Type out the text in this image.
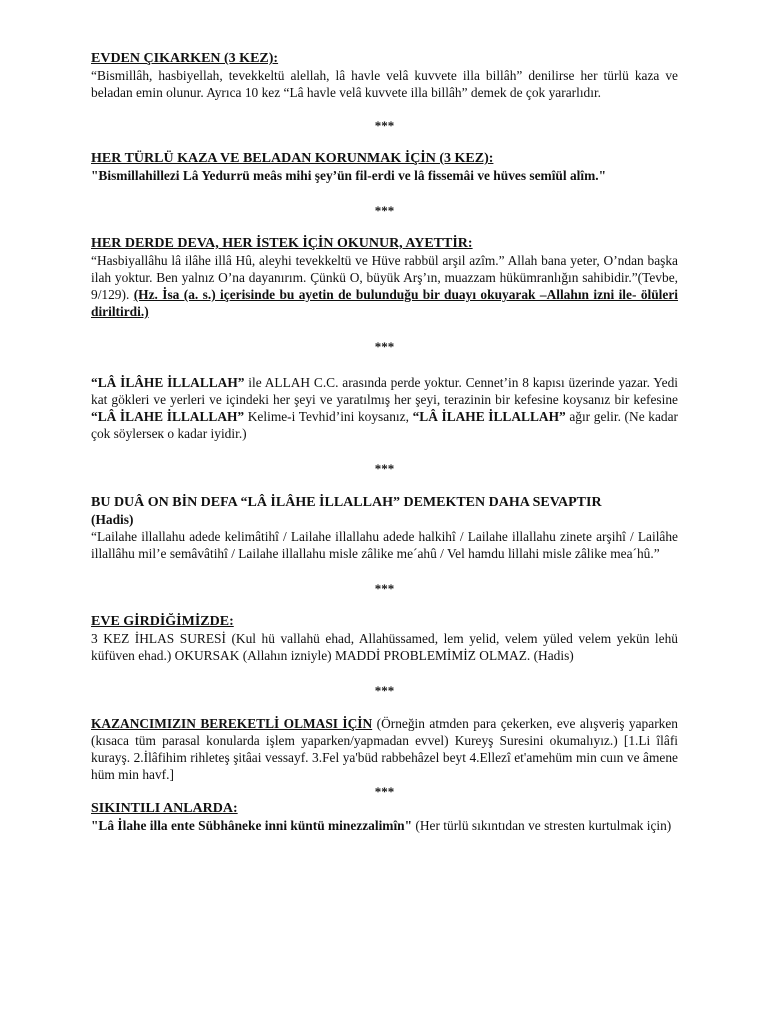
EVDEN ÇIKARKEN (3 KEZ):

“Bismillâh, hasbiyellah, tevekkeltü alellah, lâ havle velâ kuvvete illa billâh” denilirse her türlü kaza ve beladan emin olunur. Ayrıca 10 kez “Lâ havle velâ kuvvete illa billâh” demek de çok yararlıdır.

***
HER TÜRLÜ KAZA VE BELADAN KORUNMAK İÇİN (3 KEZ):

"Bismillahillezi Lâ Yedurrü meâs mihi şey’ün fil-erdi ve lâ fissemâi ve hüves semîül alîm."

***
HER DERDE DEVA, HER İSTEK İÇİN OKUNUR, AYETTİR:

“Hasbiyallâhu lâ ilâhe illâ Hû, aleyhi tevekkeltü ve Hüve rabbül arşil azîm.” Allah bana yeter, O’ndan başka ilah yoktur. Ben yalnız O’na dayanırım. Çünkü O, büyük Arş’ın, muazzam hükümranlığın sahibidir.”(Tevbe, 9/129). (Hz. İsa (a. s.) içerisinde bu ayetin de bulunduğu bir duayı okuyarak –Allahın izni ile- ölüleri diriltirdi.)

***

“LÂ İLÂHE İLLALLAH” ile ALLAH C.C. arasında perde yoktur. Cennet’in 8 kapısı üzerinde yazar. Yedi kat gökleri ve yerleri ve içindeki her şeyi ve yaratılmış her şeyi, terazinin bir kefesine koysanız bir kefesine “LÂ İLAHE İLLALLAH” Kelime-i Tevhid’ini koysanız, “LÂ İLAHE İLLALLAH” ağır gelir. (Ne kadar çok söylerseк o kadar iyidir.)

***
BU DUÂ ON BİN DEFA “LÂ İLÂHE İLLALLAH” DEMEKTEN DAHA SEVAPTIR
(Hadis)

“Lailahe illallahu adede kelimâtihî / Lailahe illallahu adede halkihî / Lailahe illallahu zinete arşihî / Lailâhe illallâhu mil’e semâvâtihî / Lailahe illallahu misle zâlike me´ahû / Vel hamdu lillahi misle zâlike mea´hû.”

***
EVE GİRDİĞİMİZDE:

3 KEZ İHLAS SURESİ (Kul hü vallahü ehad, Allahüssamed, lem yelid, velem yüled velem yekün lehü küfüven ehad.) OKURSAK (Allahın izniyle) MADDİ PROBLEMİMİZ OLMAZ. (Hadis)

***

KAZANCIMIZIN BEREKETLİ OLMASI İÇİN (Örneğin atmden para çekerken, eve alışveriş yaparken (kısaca tüm parasal konularda işlem yaparken/yapmadan evvel) Kureyş Suresini okumalıyız.) [1.Li îlâfi kurayş. 2.İlâfihim rihleteş şitâai vessayf. 3.Fel ya'büd rabbehâzel beyt 4.Ellezî et'amehüm min cuın ve âmene hüm min havf.]

***
SIKINTILI ANLARDA:

"Lâ İlahe illa ente Sübhâneke inni küntü minezzalimîn" (Her türlü sıkıntıdan ve stresten kurtulmak için)
